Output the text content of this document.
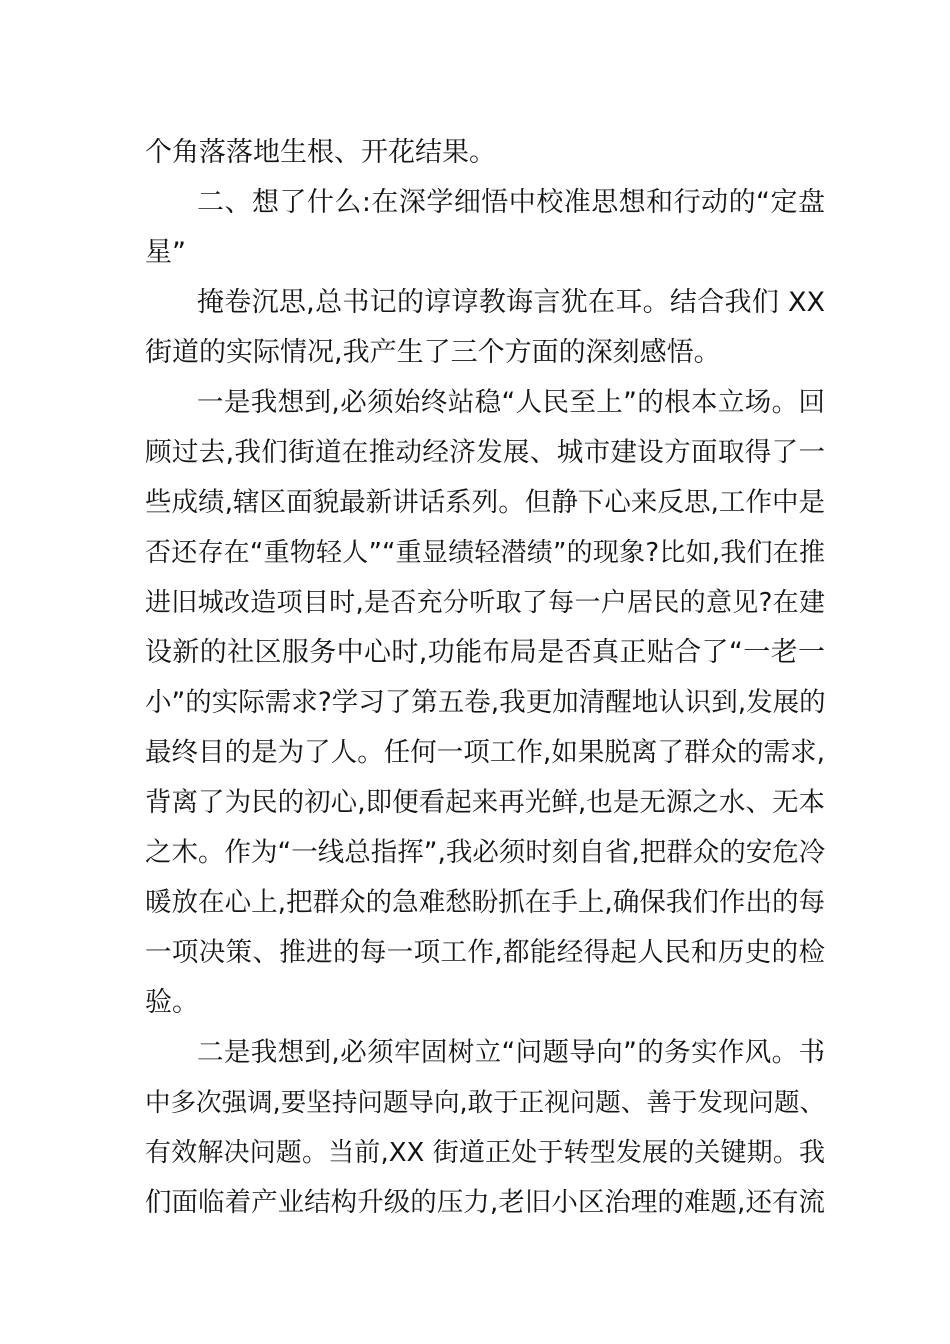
个角落落地生根、开花结果。
二、想了什么:在深学细悟中校准思想和行动的“定盘
星”
掩卷沉思,总书记的谆谆教诲言犹在耳。结合我们 XX
街道的实际情况,我产生了三个方面的深刻感悟。
一是我想到,必须始终站稳“人民至上”的根本立场。回
顾过去,我们街道在推动经济发展、城市建设方面取得了一
些成绩,辖区面貌最新讲话系列。但静下心来反思,工作中是
否还存在“重物轻人”“重显绩轻潜绩”的现象?比如,我们在推
进旧城改造项目时,是否充分听取了每一户居民的意见?在建
设新的社区服务中心时,功能布局是否真正贴合了“一老一
小”的实际需求?学习了第五卷,我更加清醒地认识到,发展的
最终目的是为了人。任何一项工作,如果脱离了群众的需求,
背离了为民的初心,即便看起来再光鲜,也是无源之水、无本
之木。作为“一线总指挥”,我必须时刻自省,把群众的安危冷
暖放在心上,把群众的急难愁盼抓在手上,确保我们作出的每
一项决策、推进的每一项工作,都能经得起人民和历史的检
验。
二是我想到,必须牢固树立“问题导向”的务实作风。书
中多次强调,要坚持问题导向,敢于正视问题、善于发现问题、
有效解决问题。当前,XX 街道正处于转型发展的关键期。我
们面临着产业结构升级的压力,老旧小区治理的难题,还有流
